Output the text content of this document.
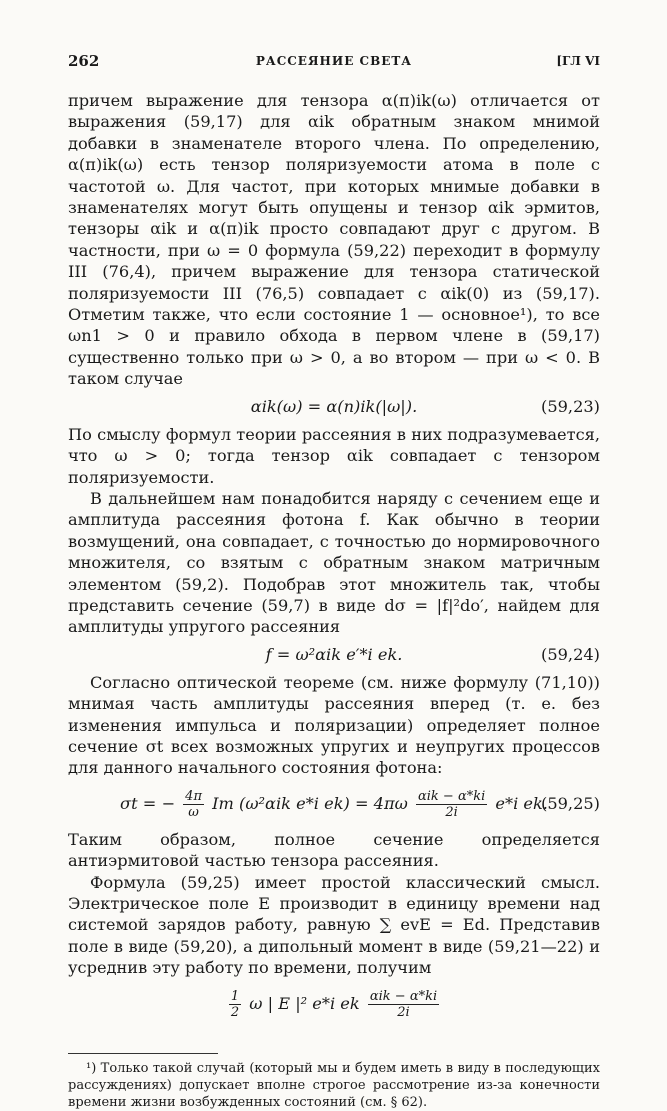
262	РАССЕЯНИЕ СВЕТА	[ГЛ VI

причем выражение для тензора α(п)ik(ω) отличается от выражения (59,17) для αik обратным знаком мнимой добавки в знаменателе второго члена. По определению, α(п)ik(ω) есть тензор поляризуемости атома в поле с частотой ω. Для частот, при которых мнимые добавки в знаменателях могут быть опущены и тензор αik эрмитов, тензоры αik и α(п)ik просто совпадают друг с другом. В частности, при ω = 0 формула (59,22) переходит в формулу III (76,4), причем выражение для тензора статической поляризуемости III (76,5) совпадает с αik(0) из (59,17). Отметим также, что если состояние 1 — основное¹), то все ωn1 > 0 и правило обхода в первом члене в (59,17) существенно только при ω > 0, а во втором — при ω < 0. В таком случае

αik(ω) = α(п)ik(|ω|).	(59,23)

По смыслу формул теории рассеяния в них подразумевается, что ω > 0; тогда тензор αik совпадает с тензором поляризуемости.

В дальнейшем нам понадобится наряду с сечением еще и амплитуда рассеяния фотона f. Как обычно в теории возмущений, она совпадает, с точностью до нормировочного множителя, со взятым с обратным знаком матричным элементом (59,2). Подобрав этот множитель так, чтобы представить сечение (59,7) в виде dσ = |f|²do′, найдем для амплитуды упругого рассеяния

f = ω²αik e′*i ek.	(59,24)

Согласно оптической теореме (см. ниже формулу (71,10)) мнимая часть амплитуды рассеяния вперед (т. е. без изменения импульса и поляризации) определяет полное сечение σt всех возможных упругих и неупругих процессов для данного начального состояния фотона:

σt = − $\frac{4\pi}{\omega}$ Im (ω²αik e*i $ek) = 4\pi\omega \frac{\text{αik − α*ki}}{2i} e*i$ ek.
(59,25)

Таким образом, полное сечение определяется антиэрмитовой частью тензора рассеяния.

Формула (59,25) имеет простой классический смысл. Электрическое поле E производит в единицу времени над системой зарядов работу, равную ∑ evE = Ed. Представив поле в виде (59,20), а дипольный момент в виде (59,21—22) и усреднив эту работу по времени, получим

$\frac{1}{2}$ ω | E |² e*i ek $\frac{\text{αik − α*ki}}{2i}$

¹) Только такой случай (который мы и будем иметь в виду в последующих рассуждениях) допускает вполне строгое рассмотрение из-за конечности времени жизни возбужденных состояний (см. § 62).
